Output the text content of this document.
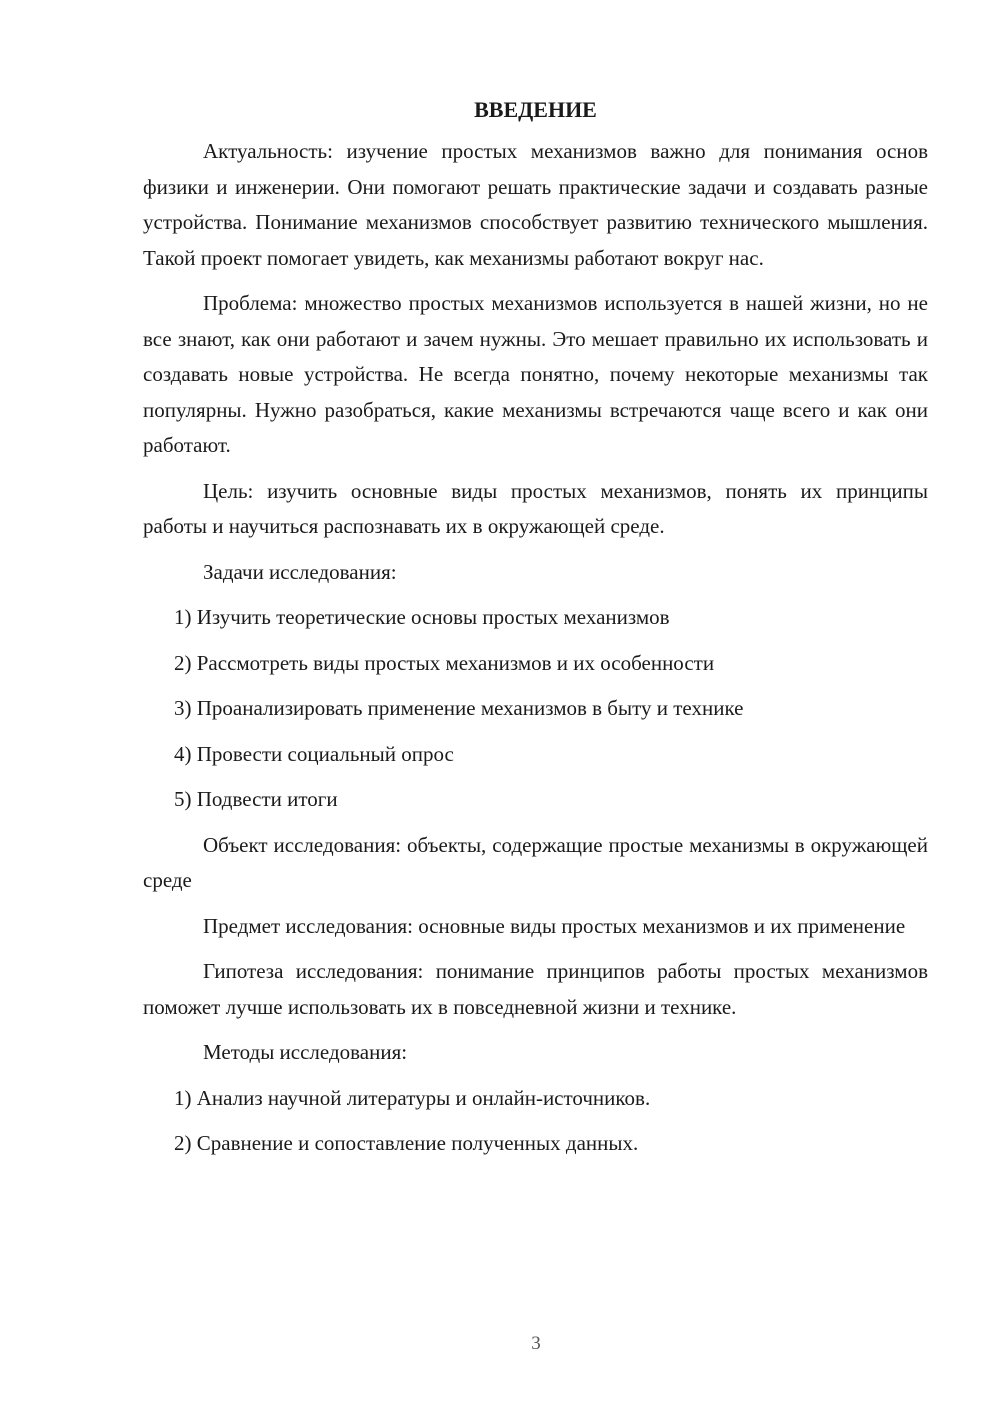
ВВЕДЕНИЕ

Актуальность: изучение простых механизмов важно для понимания основ физики и инженерии. Они помогают решать практические задачи и создавать разные устройства. Понимание механизмов способствует развитию технического мышления. Такой проект помогает увидеть, как механизмы работают вокруг нас.

Проблема: множество простых механизмов используется в нашей жизни, но не все знают, как они работают и зачем нужны. Это мешает правильно их использовать и создавать новые устройства. Не всегда понятно, почему некоторые механизмы так популярны. Нужно разобраться, какие механизмы встречаются чаще всего и как они работают.

Цель: изучить основные виды простых механизмов, понять их принципы работы и научиться распознавать их в окружающей среде.

Задачи исследования:

1) Изучить теоретические основы простых механизмов
2) Рассмотреть виды простых механизмов и их особенности
3) Проанализировать применение механизмов в быту и технике
4) Провести социальный опрос
5) Подвести итоги

Объект исследования: объекты, содержащие простые механизмы в окружающей среде

Предмет исследования: основные виды простых механизмов и их применение

Гипотеза исследования: понимание принципов работы простых механизмов поможет лучше использовать их в повседневной жизни и технике.

Методы исследования:

1) Анализ научной литературы и онлайн-источников.
2) Сравнение и сопоставление полученных данных.
3
